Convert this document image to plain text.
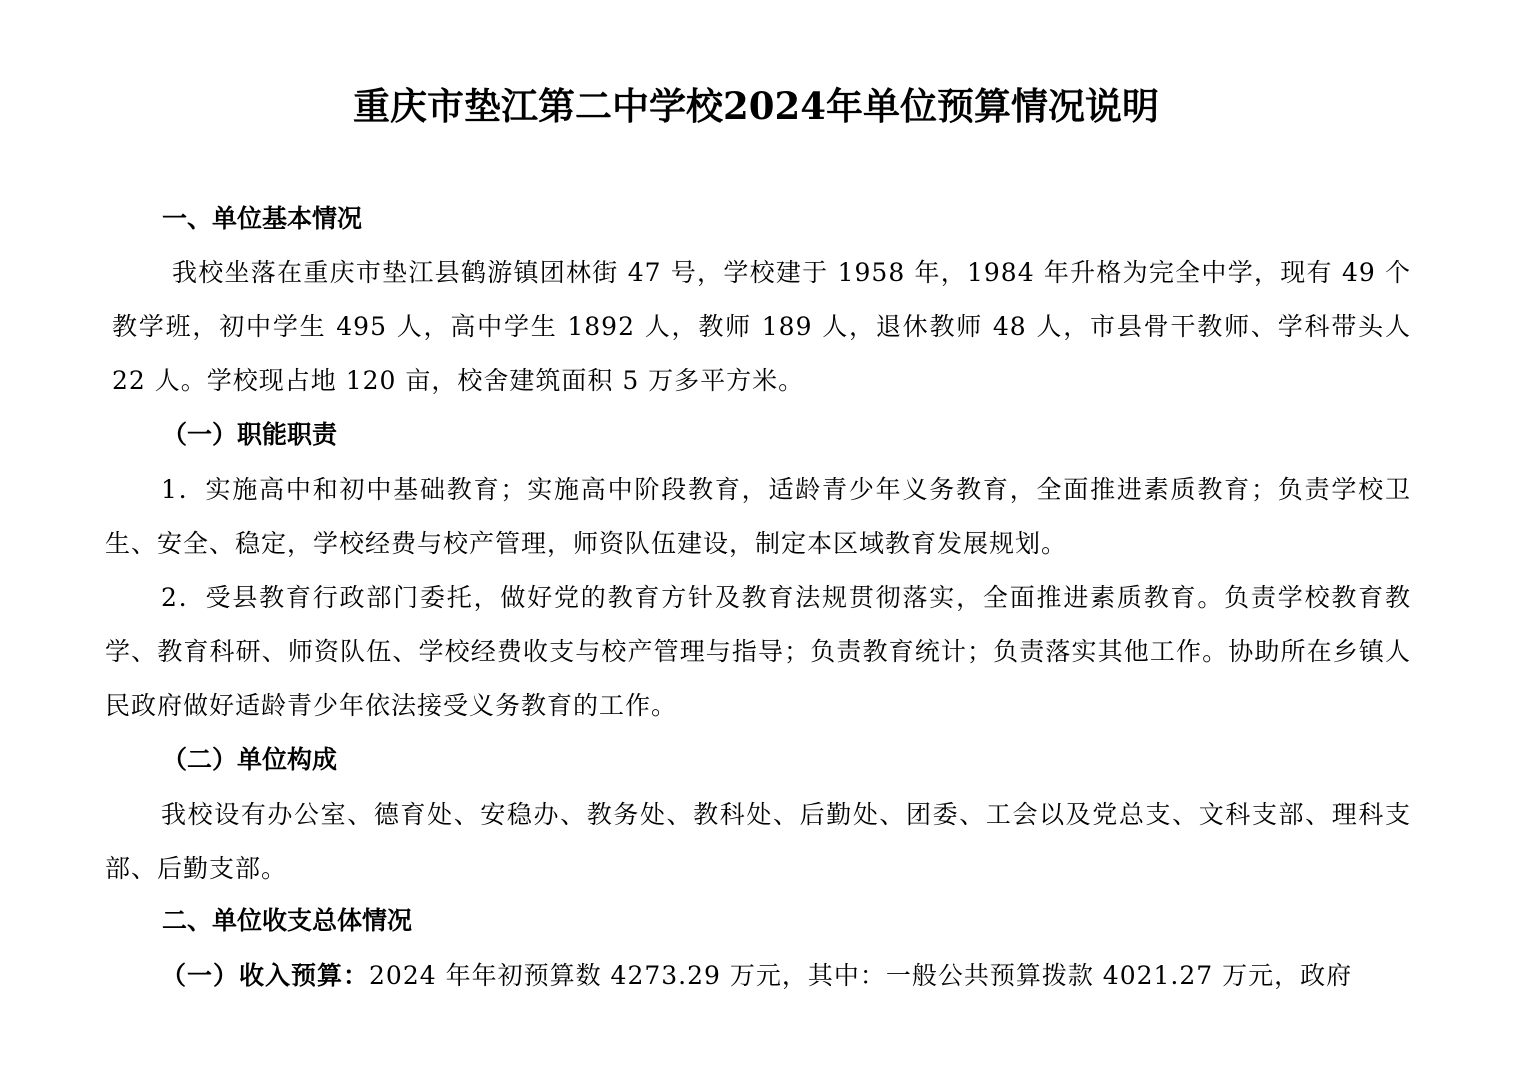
重庆市垫江第二中学校2024年单位预算情况说明
一、单位基本情况
我校坐落在重庆市垫江县鹤游镇团林街 47 号，学校建于 1958 年，1984 年升格为完全中学，现有 49 个教学班，初中学生 495 人，高中学生 1892 人，教师 189 人，退休教师 48 人，市县骨干教师、学科带头人 22 人。学校现占地 120 亩，校舍建筑面积 5 万多平方米。
（一）职能职责
1．实施高中和初中基础教育；实施高中阶段教育，适龄青少年义务教育，全面推进素质教育；负责学校卫生、安全、稳定，学校经费与校产管理，师资队伍建设，制定本区域教育发展规划。
2．受县教育行政部门委托，做好党的教育方针及教育法规贯彻落实，全面推进素质教育。负责学校教育教学、教育科研、师资队伍、学校经费收支与校产管理与指导；负责教育统计；负责落实其他工作。协助所在乡镇人民政府做好适龄青少年依法接受义务教育的工作。
（二）单位构成
我校设有办公室、德育处、安稳办、教务处、教科处、后勤处、团委、工会以及党总支、文科支部、理科支部、后勤支部。
二、单位收支总体情况
（一）收入预算：2024 年年初预算数 4273.29 万元，其中：一般公共预算拨款 4021.27 万元，政府
